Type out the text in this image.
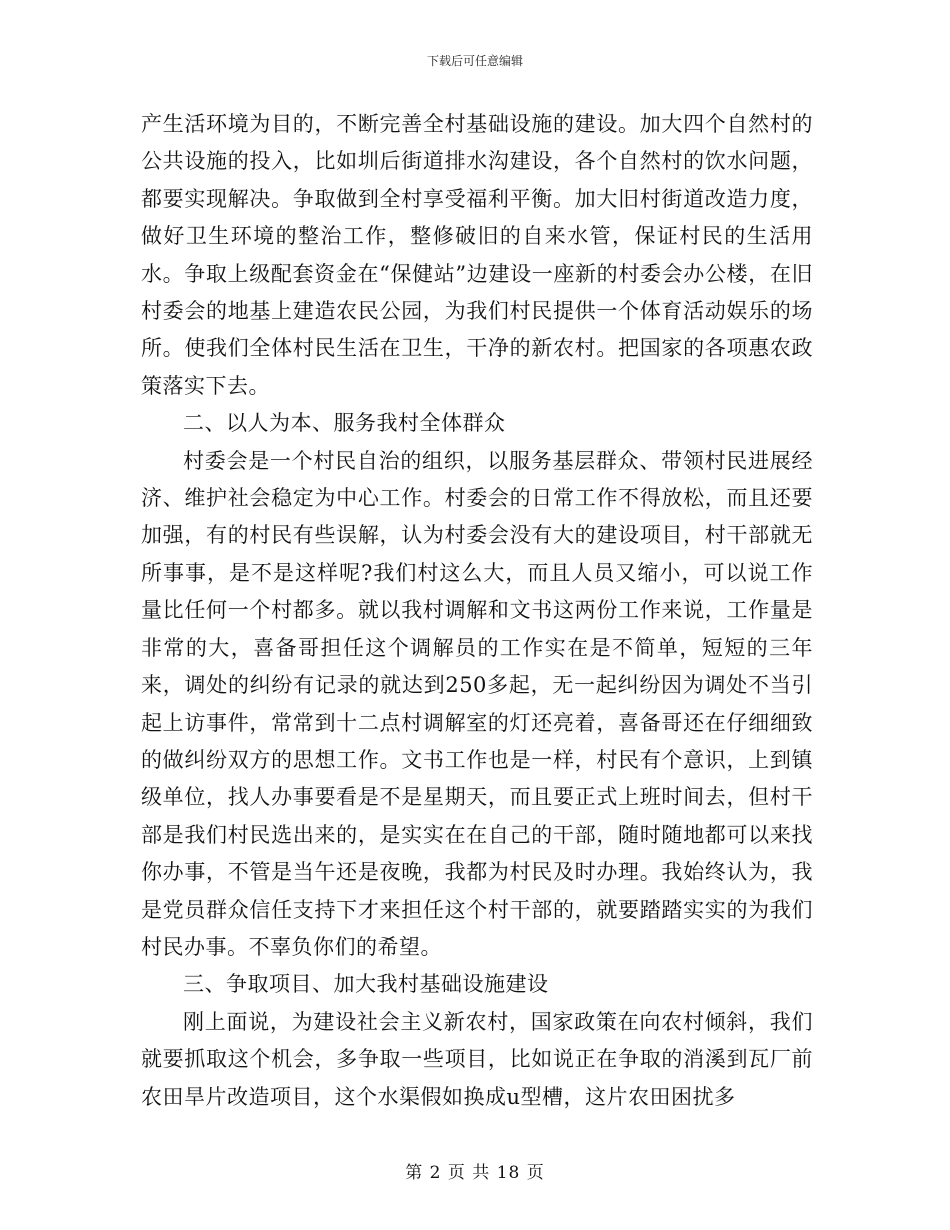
下载后可任意编辑

产生活环境为目的，不断完善全村基础设施的建设。加大四个自然村的公共设施的投入，比如圳后街道排水沟建设，各个自然村的饮水问题，都要实现解决。争取做到全村享受福利平衡。加大旧村街道改造力度，做好卫生环境的整治工作，整修破旧的自来水管，保证村民的生活用水。争取上级配套资金在“保健站”边建设一座新的村委会办公楼，在旧村委会的地基上建造农民公园，为我们村民提供一个体育活动娱乐的场所。使我们全体村民生活在卫生，干净的新农村。把国家的各项惠农政策落实下去。

二、以人为本、服务我村全体群众

村委会是一个村民自治的组织，以服务基层群众、带领村民进展经济、维护社会稳定为中心工作。村委会的日常工作不得放松，而且还要加强，有的村民有些误解，认为村委会没有大的建设项目，村干部就无所事事，是不是这样呢?我们村这么大，而且人员又缩小，可以说工作量比任何一个村都多。就以我村调解和文书这两份工作来说，工作量是非常的大，喜备哥担任这个调解员的工作实在是不简单，短短的三年来，调处的纠纷有记录的就达到250多起，无一起纠纷因为调处不当引起上访事件，常常到十二点村调解室的灯还亮着，喜备哥还在仔细细致的做纠纷双方的思想工作。文书工作也是一样，村民有个意识，上到镇级单位，找人办事要看是不是星期天，而且要正式上班时间去，但村干部是我们村民选出来的，是实实在在自己的干部，随时随地都可以来找你办事，不管是当午还是夜晚，我都为村民及时办理。我始终认为，我是党员群众信任支持下才来担任这个村干部的，就要踏踏实实的为我们村民办事。不辜负你们的希望。

三、争取项目、加大我村基础设施建设

刚上面说，为建设社会主义新农村，国家政策在向农村倾斜，我们就要抓取这个机会，多争取一些项目，比如说正在争取的消溪到瓦厂前农田旱片改造项目，这个水渠假如换成u型槽，这片农田困扰多

第 2 页 共 18 页
